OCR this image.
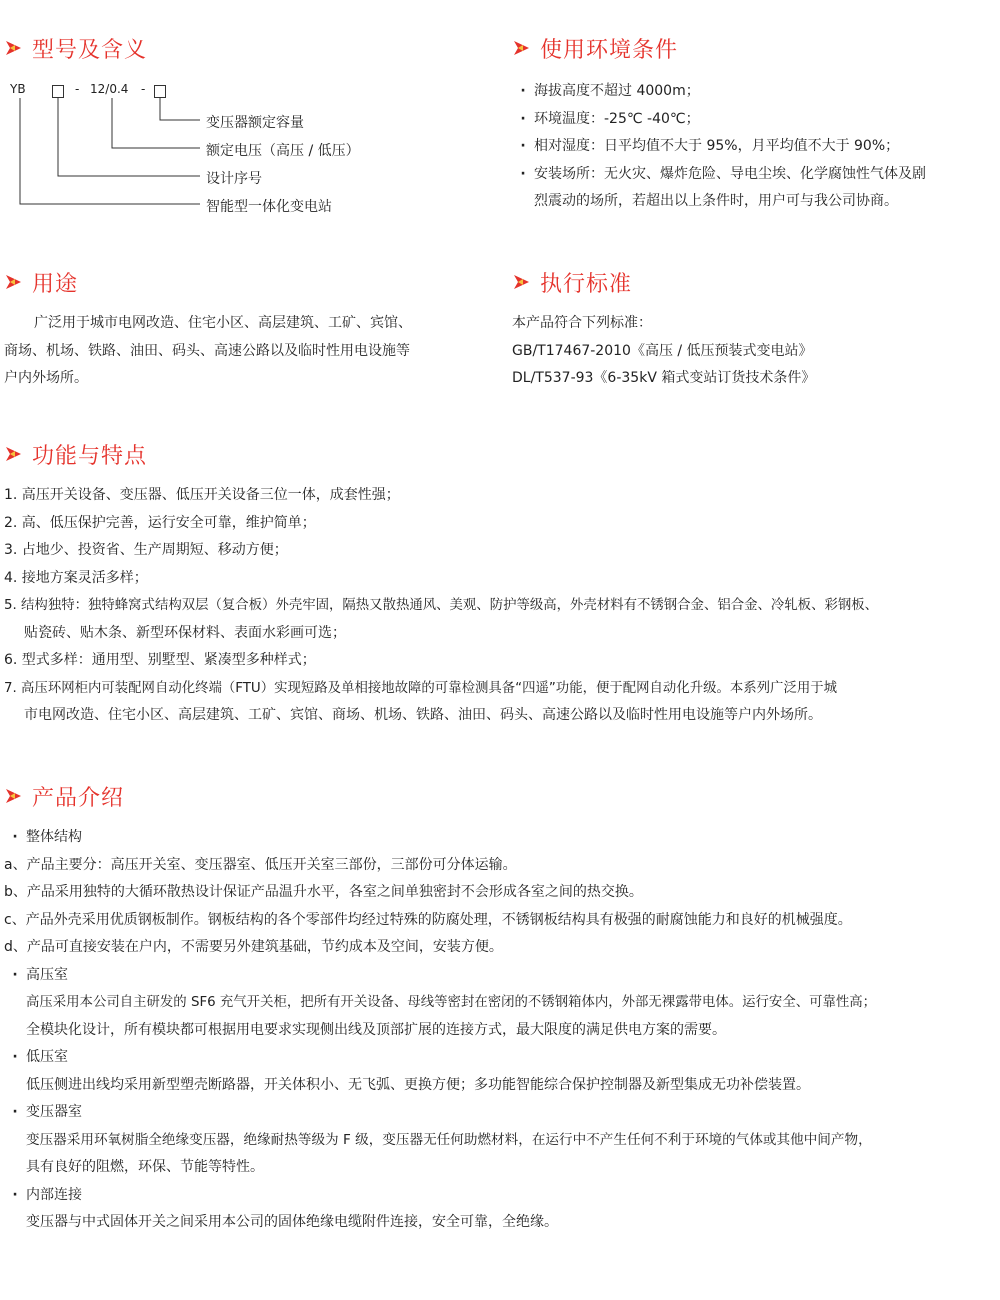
型号及含义
YB	- 12/0.4 -
变压器额定容量
额定电压（高压 / 低压）
设计序号
智能型一体化变电站
使用环境条件
· 海拔高度不超过 4000m；
· 环境温度：-25℃ -40℃；
· 相对湿度：日平均值不大于 95%，月平均值不大于 90%；
· 安装场所：无火灾、爆炸危险、导电尘埃、化学腐蚀性气体及剧
烈震动的场所，若超出以上条件时，用户可与我公司协商。
用途
广泛用于城市电网改造、住宅小区、高层建筑、工矿、宾馆、
商场、机场、铁路、油田、码头、高速公路以及临时性用电设施等
户内外场所。
执行标准
本产品符合下列标准：
GB/T17467-2010《高压 / 低压预装式变电站》
DL/T537-93《6-35kV 箱式变站订货技术条件》
功能与特点
1. 高压开关设备、变压器、低压开关设备三位一体，成套性强；
2. 高、低压保护完善，运行安全可靠，维护简单；
3. 占地少、投资省、生产周期短、移动方便；
4. 接地方案灵活多样；
5. 结构独特：独特蜂窝式结构双层（复合板）外壳牢固，隔热又散热通风、美观、防护等级高，外壳材料有不锈钢合金、铝合金、冷轧板、彩钢板、
贴瓷砖、贴木条、新型环保材料、表面水彩画可选；
6. 型式多样：通用型、别墅型、紧凑型多种样式；
7. 高压环网柜内可装配网自动化终端（FTU）实现短路及单相接地故障的可靠检测具备“四遥”功能，便于配网自动化升级。本系列广泛用于城
市电网改造、住宅小区、高层建筑、工矿、宾馆、商场、机场、铁路、油田、码头、高速公路以及临时性用电设施等户内外场所。
产品介绍
· 整体结构
a、产品主要分：高压开关室、变压器室、低压开关室三部份，三部份可分体运输。
b、产品采用独特的大循环散热设计保证产品温升水平，各室之间单独密封不会形成各室之间的热交换。
c、产品外壳采用优质钢板制作。钢板结构的各个零部件均经过特殊的防腐处理，不锈钢板结构具有极强的耐腐蚀能力和良好的机械强度。
d、产品可直接安装在户内，不需要另外建筑基础，节约成本及空间，安装方便。
· 高压室
高压采用本公司自主研发的 SF6 充气开关柜，把所有开关设备、母线等密封在密闭的不锈钢箱体内，外部无裸露带电体。运行安全、可靠性高；
全模块化设计，所有模块都可根据用电要求实现侧出线及顶部扩展的连接方式，最大限度的满足供电方案的需要。
· 低压室
低压侧进出线均采用新型塑壳断路器，开关体积小、无飞弧、更换方便；多功能智能综合保护控制器及新型集成无功补偿装置。
· 变压器室
变压器采用环氧树脂全绝缘变压器，绝缘耐热等级为 F 级，变压器无任何助燃材料，在运行中不产生任何不利于环境的气体或其他中间产物，
具有良好的阻燃，环保、节能等特性。
· 内部连接
变压器与中式固体开关之间采用本公司的固体绝缘电缆附件连接，安全可靠，全绝缘。
